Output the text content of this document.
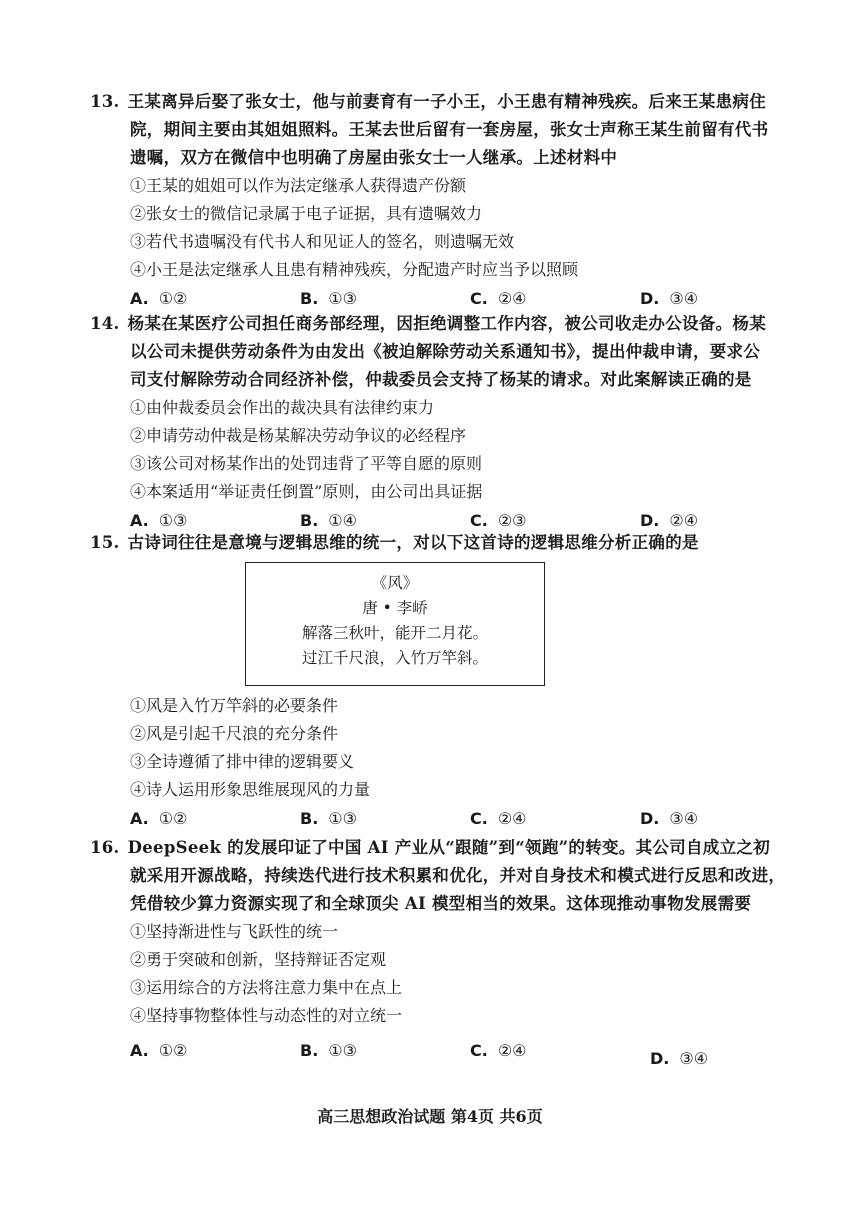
13. 王某离异后娶了张女士，他与前妻育有一子小王，小王患有精神残疾。后来王某患病住

院，期间主要由其姐姐照料。王某去世后留有一套房屋，张女士声称王某生前留有代书

遗嘱，双方在微信中也明确了房屋由张女士一人继承。上述材料中

①王某的姐姐可以作为法定继承人获得遗产份额

②张女士的微信记录属于电子证据，具有遗嘱效力

③若代书遗嘱没有代书人和见证人的签名，则遗嘱无效

④小王是法定继承人且患有精神残疾，分配遗产时应当予以照顾

A. ①②	B. ①③	C. ②④	D. ③④

14. 杨某在某医疗公司担任商务部经理，因拒绝调整工作内容，被公司收走办公设备。杨某

以公司未提供劳动条件为由发出《被迫解除劳动关系通知书》，提出仲裁申请，要求公

司支付解除劳动合同经济补偿，仲裁委员会支持了杨某的请求。对此案解读正确的是

①由仲裁委员会作出的裁决具有法律约束力

②申请劳动仲裁是杨某解决劳动争议的必经程序

③该公司对杨某作出的处罚违背了平等自愿的原则

④本案适用“举证责任倒置”原则，由公司出具证据

A. ①③	B. ①④	C. ②③	D. ②④

15. 古诗词往往是意境与逻辑思维的统一，对以下这首诗的逻辑思维分析正确的是

《风》
唐 • 李峤
解落三秋叶，能开二月花。
过江千尺浪，入竹万竿斜。

①风是入竹万竿斜的必要条件

②风是引起千尺浪的充分条件

③全诗遵循了排中律的逻辑要义

④诗人运用形象思维展现风的力量

A. ①②	B. ①③	C. ②④	D. ③④

16. DeepSeek 的发展印证了中国 AI 产业从“跟随”到“领跑”的转变。其公司自成立之初

就采用开源战略，持续迭代进行技术积累和优化，并对自身技术和模式进行反思和改进，

凭借较少算力资源实现了和全球顶尖 AI 模型相当的效果。这体现推动事物发展需要

①坚持渐进性与飞跃性的统一

②勇于突破和创新，坚持辩证否定观

③运用综合的方法将注意力集中在点上

④坚持事物整体性与动态性的对立统一

A. ①②	B. ①③	C. ②④	D. ③④
高三思想政治试题 第4页 共6页
